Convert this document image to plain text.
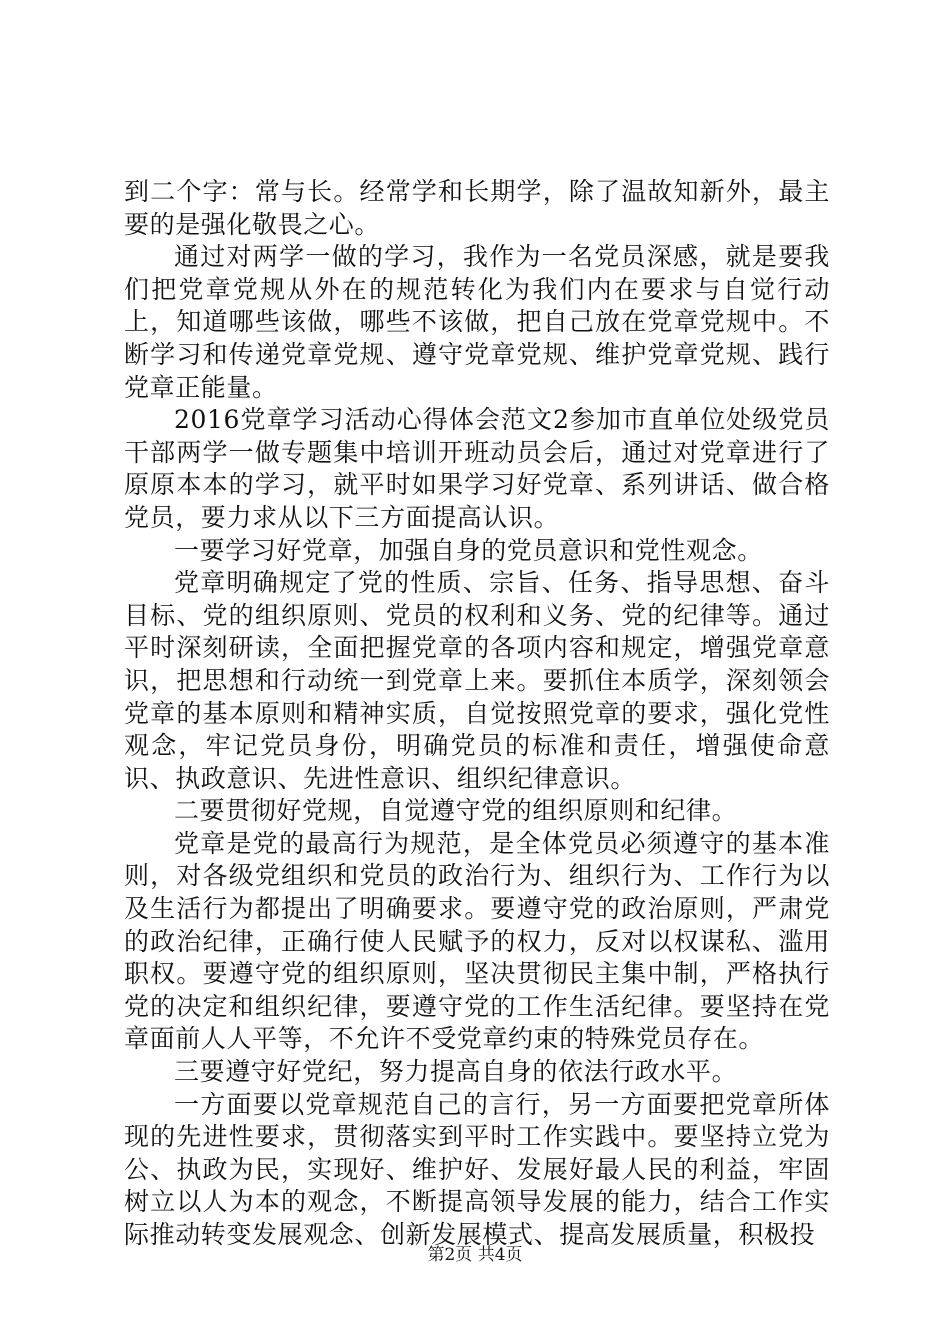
到二个字：常与长。经常学和长期学，除了温故知新外，最主要的是强化敬畏之心。

通过对两学一做的学习，我作为一名党员深感，就是要我们把党章党规从外在的规范转化为我们内在要求与自觉行动上，知道哪些该做，哪些不该做，把自己放在党章党规中。不断学习和传递党章党规、遵守党章党规、维护党章党规、践行党章正能量。

2016党章学习活动心得体会范文2参加市直单位处级党员干部两学一做专题集中培训开班动员会后，通过对党章进行了原原本本的学习，就平时如果学习好党章、系列讲话、做合格党员，要力求从以下三方面提高认识。

一要学习好党章，加强自身的党员意识和党性观念。

党章明确规定了党的性质、宗旨、任务、指导思想、奋斗目标、党的组织原则、党员的权利和义务、党的纪律等。通过平时深刻研读，全面把握党章的各项内容和规定，增强党章意识，把思想和行动统一到党章上来。要抓住本质学，深刻领会党章的基本原则和精神实质，自觉按照党章的要求，强化党性观念，牢记党员身份，明确党员的标准和责任，增强使命意识、执政意识、先进性意识、组织纪律意识。

二要贯彻好党规，自觉遵守党的组织原则和纪律。

党章是党的最高行为规范，是全体党员必须遵守的基本准则，对各级党组织和党员的政治行为、组织行为、工作行为以及生活行为都提出了明确要求。要遵守党的政治原则，严肃党的政治纪律，正确行使人民赋予的权力，反对以权谋私、滥用职权。要遵守党的组织原则，坚决贯彻民主集中制，严格执行党的决定和组织纪律，要遵守党的工作生活纪律。要坚持在党章面前人人平等，不允许不受党章约束的特殊党员存在。

三要遵守好党纪，努力提高自身的依法行政水平。

一方面要以党章规范自己的言行，另一方面要把党章所体现的先进性要求，贯彻落实到平时工作实践中。要坚持立党为公、执政为民，实现好、维护好、发展好最人民的利益，牢固树立以人为本的观念，不断提高领导发展的能力，结合工作实际推动转变发展观念、创新发展模式、提高发展质量，积极投

第2页 共4页
